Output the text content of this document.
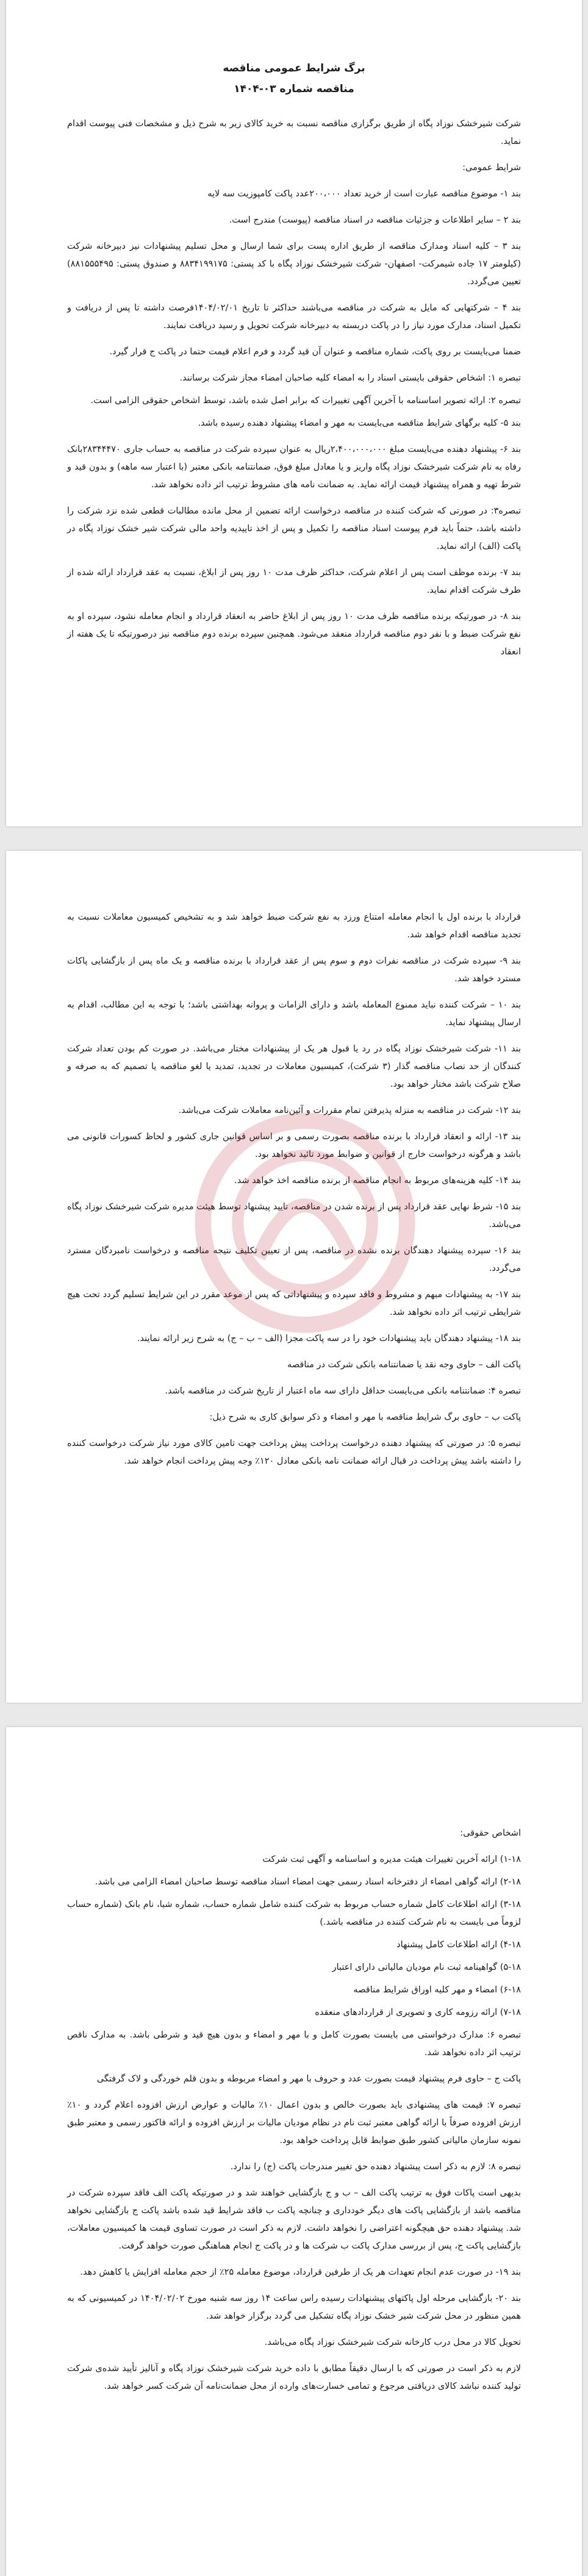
برگ شرایط عمومی مناقصه

مناقصه شماره ۰۳-۱۴۰۴

شرکت شیرخشک نوزاد پگاه از طریق برگزاری مناقصه نسبت به خرید کالای زیر به شرح ذیل و مشخصات فنی پیوست اقدام نماید.

شرایط عمومی:

بند ۱- موضوع مناقصه عبارت است از خرید تعداد ۲۰۰،۰۰۰عدد پاکت کامپوزیت سه لایه

بند ۲ – سایر اطلاعات و جزئیات مناقصه در اسناد مناقصه (پیوست) مندرج است.

بند ۳ – کلیه اسناد ومدارک مناقصه از طریق اداره پست برای شما ارسال و محل تسلیم پیشنهادات نیز دبیرخانه شرکت (کیلومتر ۱۷ جاده شیمرکت- اصفهان- شرکت شیرخشک نوزاد پگاه با کد پستی: ۸۸۳۴۱۹۹۱۷۵ و صندوق پستی: ۸۸۱۵۵۵۴۹۵) تعیین می‌گردد.

بند ۴ – شرکتهایی که مایل به شرکت در مناقصه می‌باشند حداکثر تا تاریخ ۱۴۰۴/۰۲/۰۱فرصت داشته تا پس از دریافت و تکمیل اسناد، مدارک مورد نیاز را در پاکت دربسته به دبیرخانه شرکت تحویل و رسید دریافت نمایند.

ضمنا می‌بایست بر روی پاکت، شماره مناقصه و عنوان آن قید گردد و فرم اعلام قیمت حتما در پاکت ج قرار گیرد.

تبصره ۱: اشخاص حقوقی بایستی اسناد را به امضاء کلیه صاحبان امضاء مجاز شرکت برسانند.

تبصره ۲: ارائه تصویر اساسنامه با آخرین آگهی تغییرات که برابر اصل شده باشد، توسط اشخاص حقوقی الزامی است.

بند ۵- کلیه برگهای شرایط مناقصه می‌بایست به مهر و امضاء پیشنهاد دهنده رسیده باشد.

بند ۶- پیشنهاد دهنده می‌بایست مبلغ ۲،۴۰۰،۰۰۰،۰۰۰ریال به عنوان سپرده شرکت در مناقصه به حساب جاری ۲۸۳۴۴۴۷۰بانک رفاه به نام شرکت شیرخشک نوزاد پگاه واریز و یا معادل مبلغ فوق، ضمانتنامه بانکی معتبر (با اعتبار سه ماهه) و بدون قید و شرط تهیه و همراه پیشنهاد قیمت ارائه نماید. به ضمانت نامه های مشروط ترتیب اثر داده نخواهد شد.

تبصره۳: در صورتی که شرکت کننده در مناقصه درخواست ارائه تضمین از محل مانده مطالبات قطعی شده نزد شرکت را داشته باشد، حتماً باید فرم پیوست اسناد مناقصه را تکمیل و پس از اخذ تاییدیه واحد مالی شرکت شیر خشک نوزاد پگاه در پاکت (الف) ارائه نماید.

بند ۷- برنده موظف است پس از اعلام شرکت، حداکثر ظرف مدت ۱۰ روز پس از ابلاغ، نسبت به عقد قرارداد ارائه شده از طرف شرکت اقدام نماید.

بند ۸- در صورتیکه برنده مناقصه ظرف مدت ۱۰ روز پس از ابلاغ حاضر به انعقاد قرارداد و انجام معامله نشود، سپرده او به نفع شرکت ضبط و با نفر دوم مناقصه قرارداد منعقد می‌شود. همچنین سپرده برنده دوم مناقصه نیز درصورتیکه تا یک هفته از انعقاد

قرارداد با برنده اول یا انجام معامله امتناع ورزد به نفع شرکت ضبط خواهد شد و به تشخیص کمیسیون معاملات نسبت به تجدید مناقصه اقدام خواهد شد.

بند ۹- سپرده شرکت در مناقصه نفرات دوم و سوم پس از عقد قرارداد با برنده مناقصه و یک ماه پس از بازگشایی پاکات مسترد خواهد شد.

بند ۱۰ – شرکت کننده نباید ممنوع المعامله باشد و دارای الزامات و پروانه بهداشتی باشد؛ با توجه به این مطالب، اقدام به ارسال پیشنهاد نماید.

بند ۱۱- شرکت شیرخشک نوزاد پگاه در رد یا قبول هر یک از پیشنهادات مختار می‌باشد. در صورت کم بودن تعداد شرکت کنندگان از حد نصاب مناقصه گذار (۳ شرکت)، کمیسیون معاملات در تجدید، تمدید یا لغو مناقصه یا تصمیم که به صرفه و صلاح شرکت باشد مختار خواهد بود.

بند ۱۲- شرکت در مناقصه به منزله پذیرفتن تمام مقررات و آئین‌نامه معاملات شرکت می‌باشد.

بند ۱۳- ارائه و انعقاد قرارداد با برنده مناقصه بصورت رسمی و بر اساس قوانین جاری کشور و لحاظ کسورات قانونی می باشد و هرگونه درخواست خارج از قوانین و ضوابط مورد تائید نخواهد بود.

بند ۱۴- کلیه هزینه‌های مربوط به انجام مناقصه از برنده مناقصه اخذ خواهد شد.

بند ۱۵- شرط نهایی عقد قرارداد پس از برنده شدن در مناقصه، تایید پیشنهاد توسط هیئت مدیره شرکت شیرخشک نوزاد پگاه می‌باشد.

بند ۱۶- سپرده پیشنهاد دهندگان برنده نشده در مناقصه، پس از تعیین تکلیف نتیجه مناقصه و درخواست نامبردگان مسترد می‌گردد.

بند ۱۷- به پیشنهادات مبهم و مشروط و فاقد سپرده و پیشنهاداتی که پس از موعد مقرر در این شرایط تسلیم گردد تحت هیچ شرایطی ترتیب اثر داده نخواهد شد.

بند ۱۸- پیشنهاد دهندگان باید پیشنهادات خود را در سه پاکت مجزا (الف – ب – ج) به شرح زیر ارائه نمایند.

پاکت الف – حاوی وجه نقد یا ضمانتنامه بانکی شرکت در مناقصه

تبصره ۴: ضمانتنامه بانکی می‌بایست حداقل دارای سه ماه اعتبار از تاریخ شرکت در مناقصه باشد.

پاکت ب – حاوی برگ شرایط مناقصه با مهر و امضاء و ذکر سوابق کاری به شرح ذیل:

تبصره ۵: در صورتی که پیشنهاد دهنده درخواست پرداخت پیش پرداخت جهت تامین کالای مورد نیاز شرکت درخواست کننده را داشته باشد پیش پرداخت در قبال ارائه ضمانت نامه بانکی معادل ۱۲۰٪ وجه پیش پرداخت انجام خواهد شد.

اشخاص حقوقی:

۱-۱۸) ارائه آخرین تغییرات هیئت مدیره و اساسنامه و آگهی ثبت شرکت

۲-۱۸) ارائه گواهی امضاء از دفترخانه اسناد رسمی جهت امضاء اسناد مناقصه توسط صاحبان امضاء الزامی می باشد.

۳-۱۸) ارائه اطلاعات کامل شماره حساب مربوط به شرکت کننده شامل شماره حساب، شماره شبا، نام بانک (شماره حساب لزوماً می بایست به نام شرکت کننده در مناقصه باشد.)

۴-۱۸) ارائه اطلاعات کامل پیشنهاد

۵-۱۸) گواهینامه ثبت نام مودیان مالیاتی دارای اعتبار

۶-۱۸) امضاء و مهر کلیه اوراق شرایط مناقصه

۷-۱۸) ارائه رزومه کاری و تصویری از قراردادهای منعقده

تبصره ۶: مدارک درخواستی می بایست بصورت کامل و با مهر و امضاء و بدون هیچ قید و شرطی باشد. به مدارک ناقص ترتیب اثر داده نخواهد شد.

پاکت ج – حاوی فرم پیشنهاد قیمت بصورت عدد و حروف با مهر و امضاء مربوطه و بدون قلم خوردگی و لاک گرفتگی

تبصره ۷: قیمت های پیشنهادی باید بصورت خالص و بدون اعمال ۱۰٪ مالیات و عوارض ارزش افزوده اعلام گردد و ۱۰٪ ارزش افزوده صرفاً با ارائه گواهی معتبر ثبت نام در نظام مودیان مالیات بر ارزش افزوده و ارائه فاکتور رسمی و معتبر طبق نمونه سازمان مالیاتی کشور طبق ضوابط قابل پرداخت خواهد بود.

تبصره ۸: لازم به ذکر است پیشنهاد دهنده حق تغییر مندرجات پاکت (ج) را ندارد.

بدیهی است پاکات فوق به ترتیب پاکت الف – ب و ج بازگشایی خواهند شد و در صورتیکه پاکت الف فاقد سپرده شرکت در مناقصه باشد از بازگشایی پاکت های دیگر خودداری و چنانچه پاکت ب فاقد شرایط قید شده باشد پاکت ج بازگشایی نخواهد شد. پیشنهاد دهنده حق هیچگونه اعتراضی را نخواهد داشت. لازم به ذکر است در صورت تساوی قیمت ها کمیسیون معاملات، بازگشایی پاکت ج، پس از بررسی مدارک پاکت ب شرکت ها و در پاکت ج انجام هماهنگی صورت خواهد گرفت.

بند ۱۹- در صورت عدم انجام تعهدات هر یک از طرفین قرارداد، موضوع معامله ۲۵٪ از حجم معامله افزایش یا کاهش دهد.

بند ۲۰- بازگشایی مرحله اول پاکتهای پیشنهادات رسیده راس ساعت ۱۴ روز سه شنبه مورخ ۱۴۰۴/۰۲/۰۲ در کمیسیونی که به همین منظور در محل شرکت شیر خشک نوزاد پگاه تشکیل می گردد برگزار خواهد شد.

تحویل کالا در محل درب کارخانه شرکت شیرخشک نوزاد پگاه می‌باشد.

لازم به ذکر است در صورتی که با ارسال دقیقاً مطابق با داده خرید شرکت شیرخشک نوزاد پگاه و آنالیز تأیید شده‌ی شرکت تولید کننده نباشد کالای دریافتی مرجوع و تمامی خسارت‌های وارده از محل ضمانت‌نامه آن شرکت کسر خواهد شد.
